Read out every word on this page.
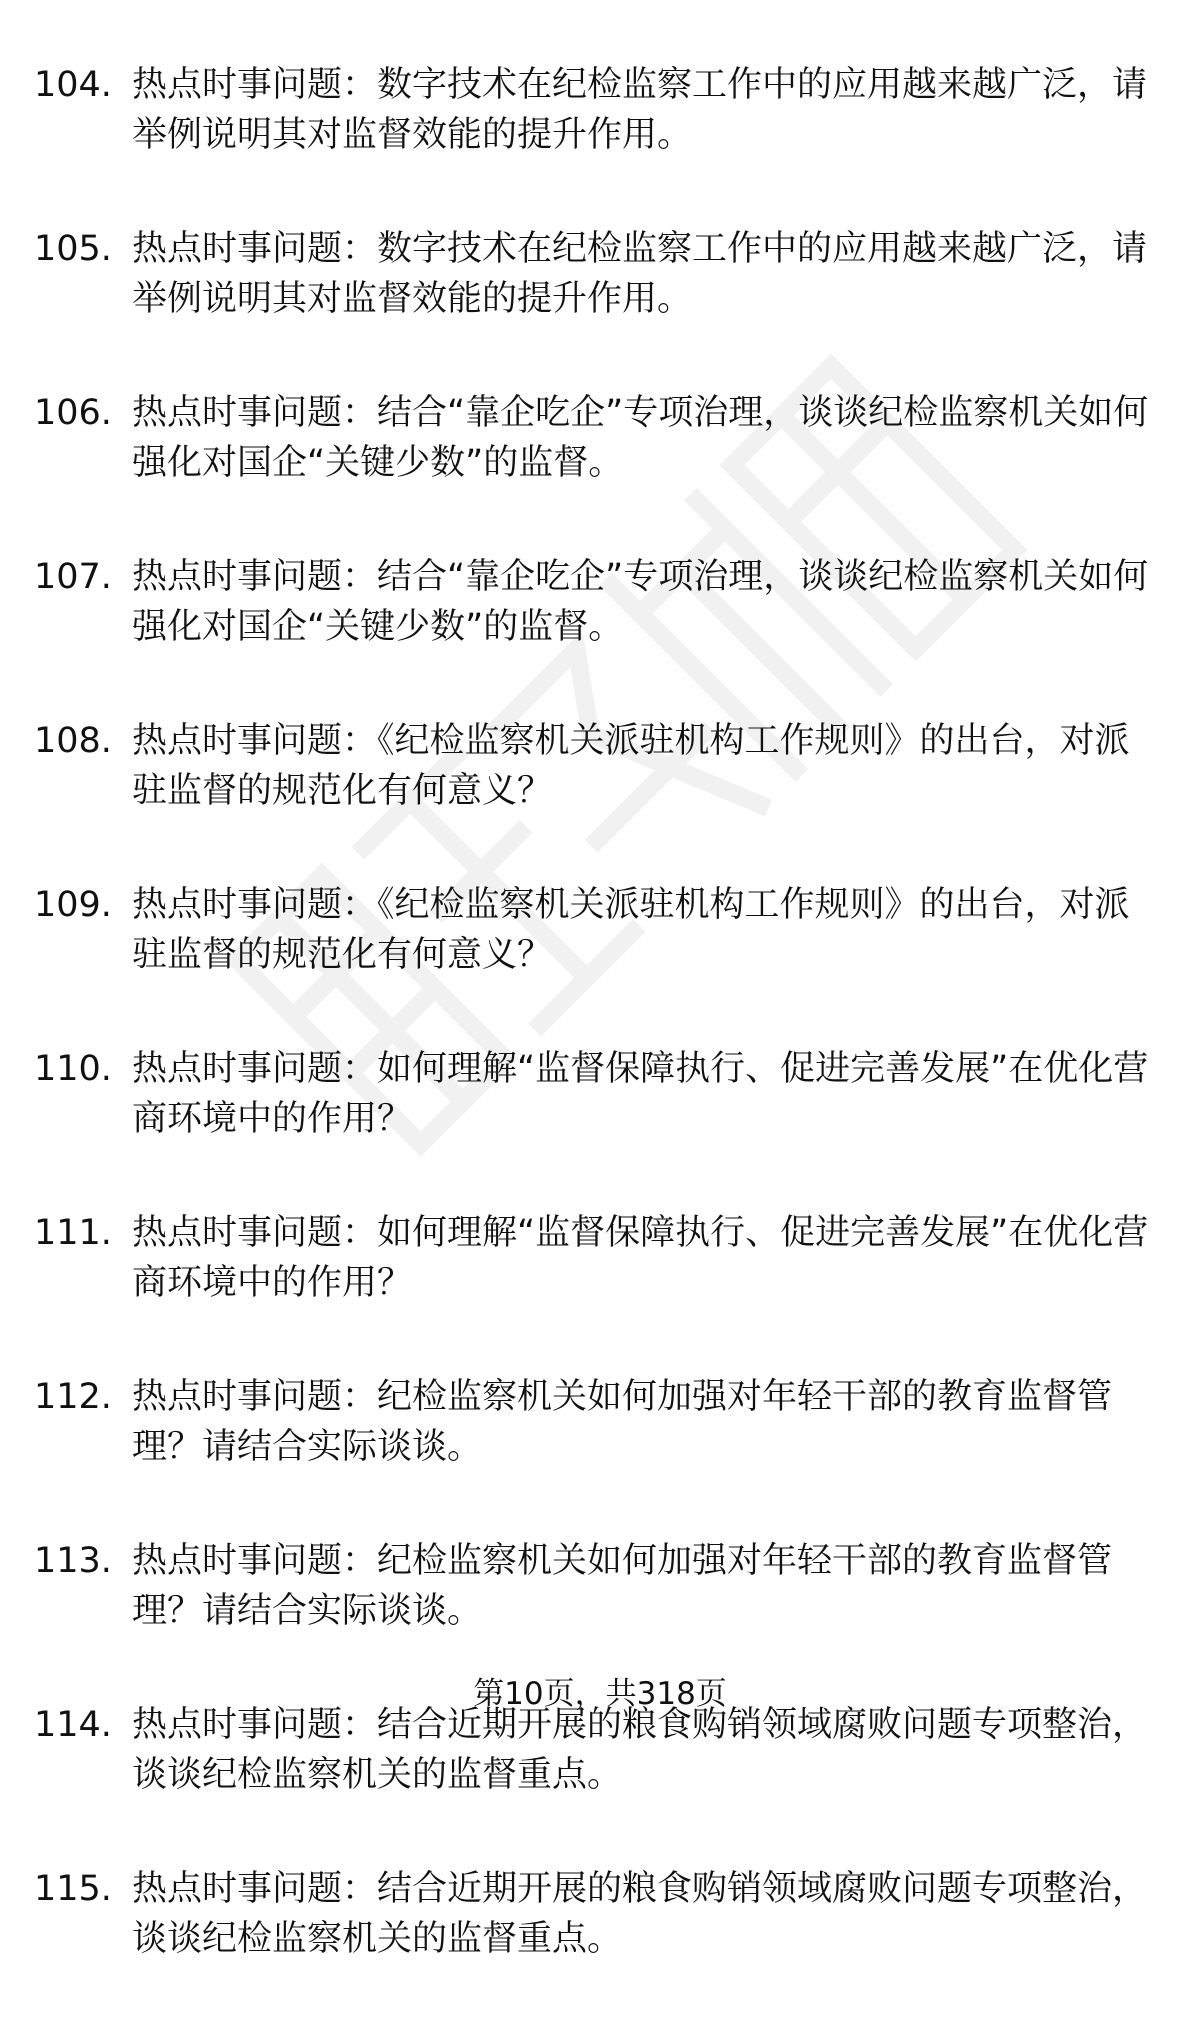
104. 热点时事问题：数字技术在纪检监察工作中的应用越来越广泛，请举例说明其对监督效能的提升作用。
105. 热点时事问题：数字技术在纪检监察工作中的应用越来越广泛，请举例说明其对监督效能的提升作用。
106. 热点时事问题：结合“靠企吃企”专项治理，谈谈纪检监察机关如何强化对国企“关键少数”的监督。
107. 热点时事问题：结合“靠企吃企”专项治理，谈谈纪检监察机关如何强化对国企“关键少数”的监督。
108. 热点时事问题：《纪检监察机关派驻机构工作规则》的出台，对派驻监督的规范化有何意义？
109. 热点时事问题：《纪检监察机关派驻机构工作规则》的出台，对派驻监督的规范化有何意义？
110. 热点时事问题：如何理解“监督保障执行、促进完善发展”在优化营商环境中的作用？
111. 热点时事问题：如何理解“监督保障执行、促进完善发展”在优化营商环境中的作用？
112. 热点时事问题：纪检监察机关如何加强对年轻干部的教育监督管理？请结合实际谈谈。
113. 热点时事问题：纪检监察机关如何加强对年轻干部的教育监督管理？请结合实际谈谈。
114. 热点时事问题：结合近期开展的粮食购销领域腐败问题专项整治，谈谈纪检监察机关的监督重点。
115. 热点时事问题：结合近期开展的粮食购销领域腐败问题专项整治，谈谈纪检监察机关的监督重点。
第10页，共318页
